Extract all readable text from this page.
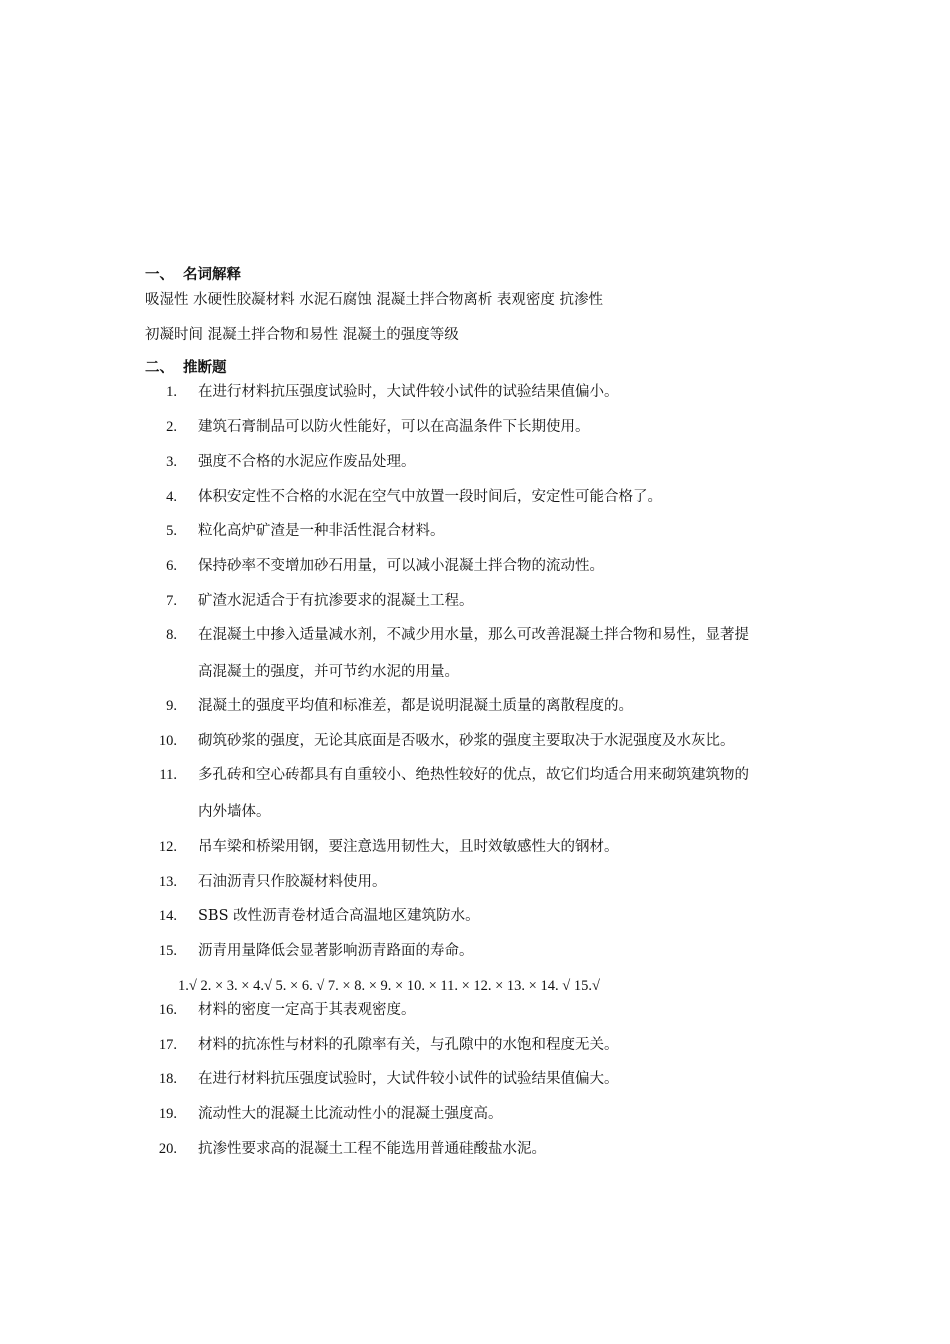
一、 名词解释
吸湿性 水硬性胶凝材料 水泥石腐蚀 混凝土拌合物离析 表观密度 抗渗性
初凝时间 混凝土拌合物和易性 混凝土的强度等级
二、 推断题
1. 在进行材料抗压强度试验时，大试件较小试件的试验结果值偏小。
2. 建筑石膏制品可以防火性能好，可以在高温条件下长期使用。
3. 强度不合格的水泥应作废品处理。
4. 体积安定性不合格的水泥在空气中放置一段时间后，安定性可能合格了。
5. 粒化高炉矿渣是一种非活性混合材料。
6. 保持砂率不变增加砂石用量，可以减小混凝土拌合物的流动性。
7. 矿渣水泥适合于有抗渗要求的混凝土工程。
8. 在混凝土中掺入适量减水剂，不减少用水量，那么可改善混凝土拌合物和易性，显著提
高混凝土的强度，并可节约水泥的用量。
9. 混凝土的强度平均值和标准差，都是说明混凝土质量的离散程度的。
10. 砌筑砂浆的强度，无论其底面是否吸水，砂浆的强度主要取决于水泥强度及水灰比。
11. 多孔砖和空心砖都具有自重较小、绝热性较好的优点，故它们均适合用来砌筑建筑物的
内外墙体。
12. 吊车梁和桥梁用钢，要注意选用韧性大，且时效敏感性大的钢材。
13. 石油沥青只作胶凝材料使用。
14. SBS 改性沥青卷材适合高温地区建筑防水。
15. 沥青用量降低会显著影响沥青路面的寿命。
1.√ 2. × 3. × 4.√ 5. × 6. √ 7. × 8. × 9. × 10. × 11. × 12. × 13. × 14. √ 15.√
16. 材料的密度一定高于其表观密度。
17. 材料的抗冻性与材料的孔隙率有关，与孔隙中的水饱和程度无关。
18. 在进行材料抗压强度试验时，大试件较小试件的试验结果值偏大。
19. 流动性大的混凝土比流动性小的混凝土强度高。
20. 抗渗性要求高的混凝土工程不能选用普通硅酸盐水泥。
